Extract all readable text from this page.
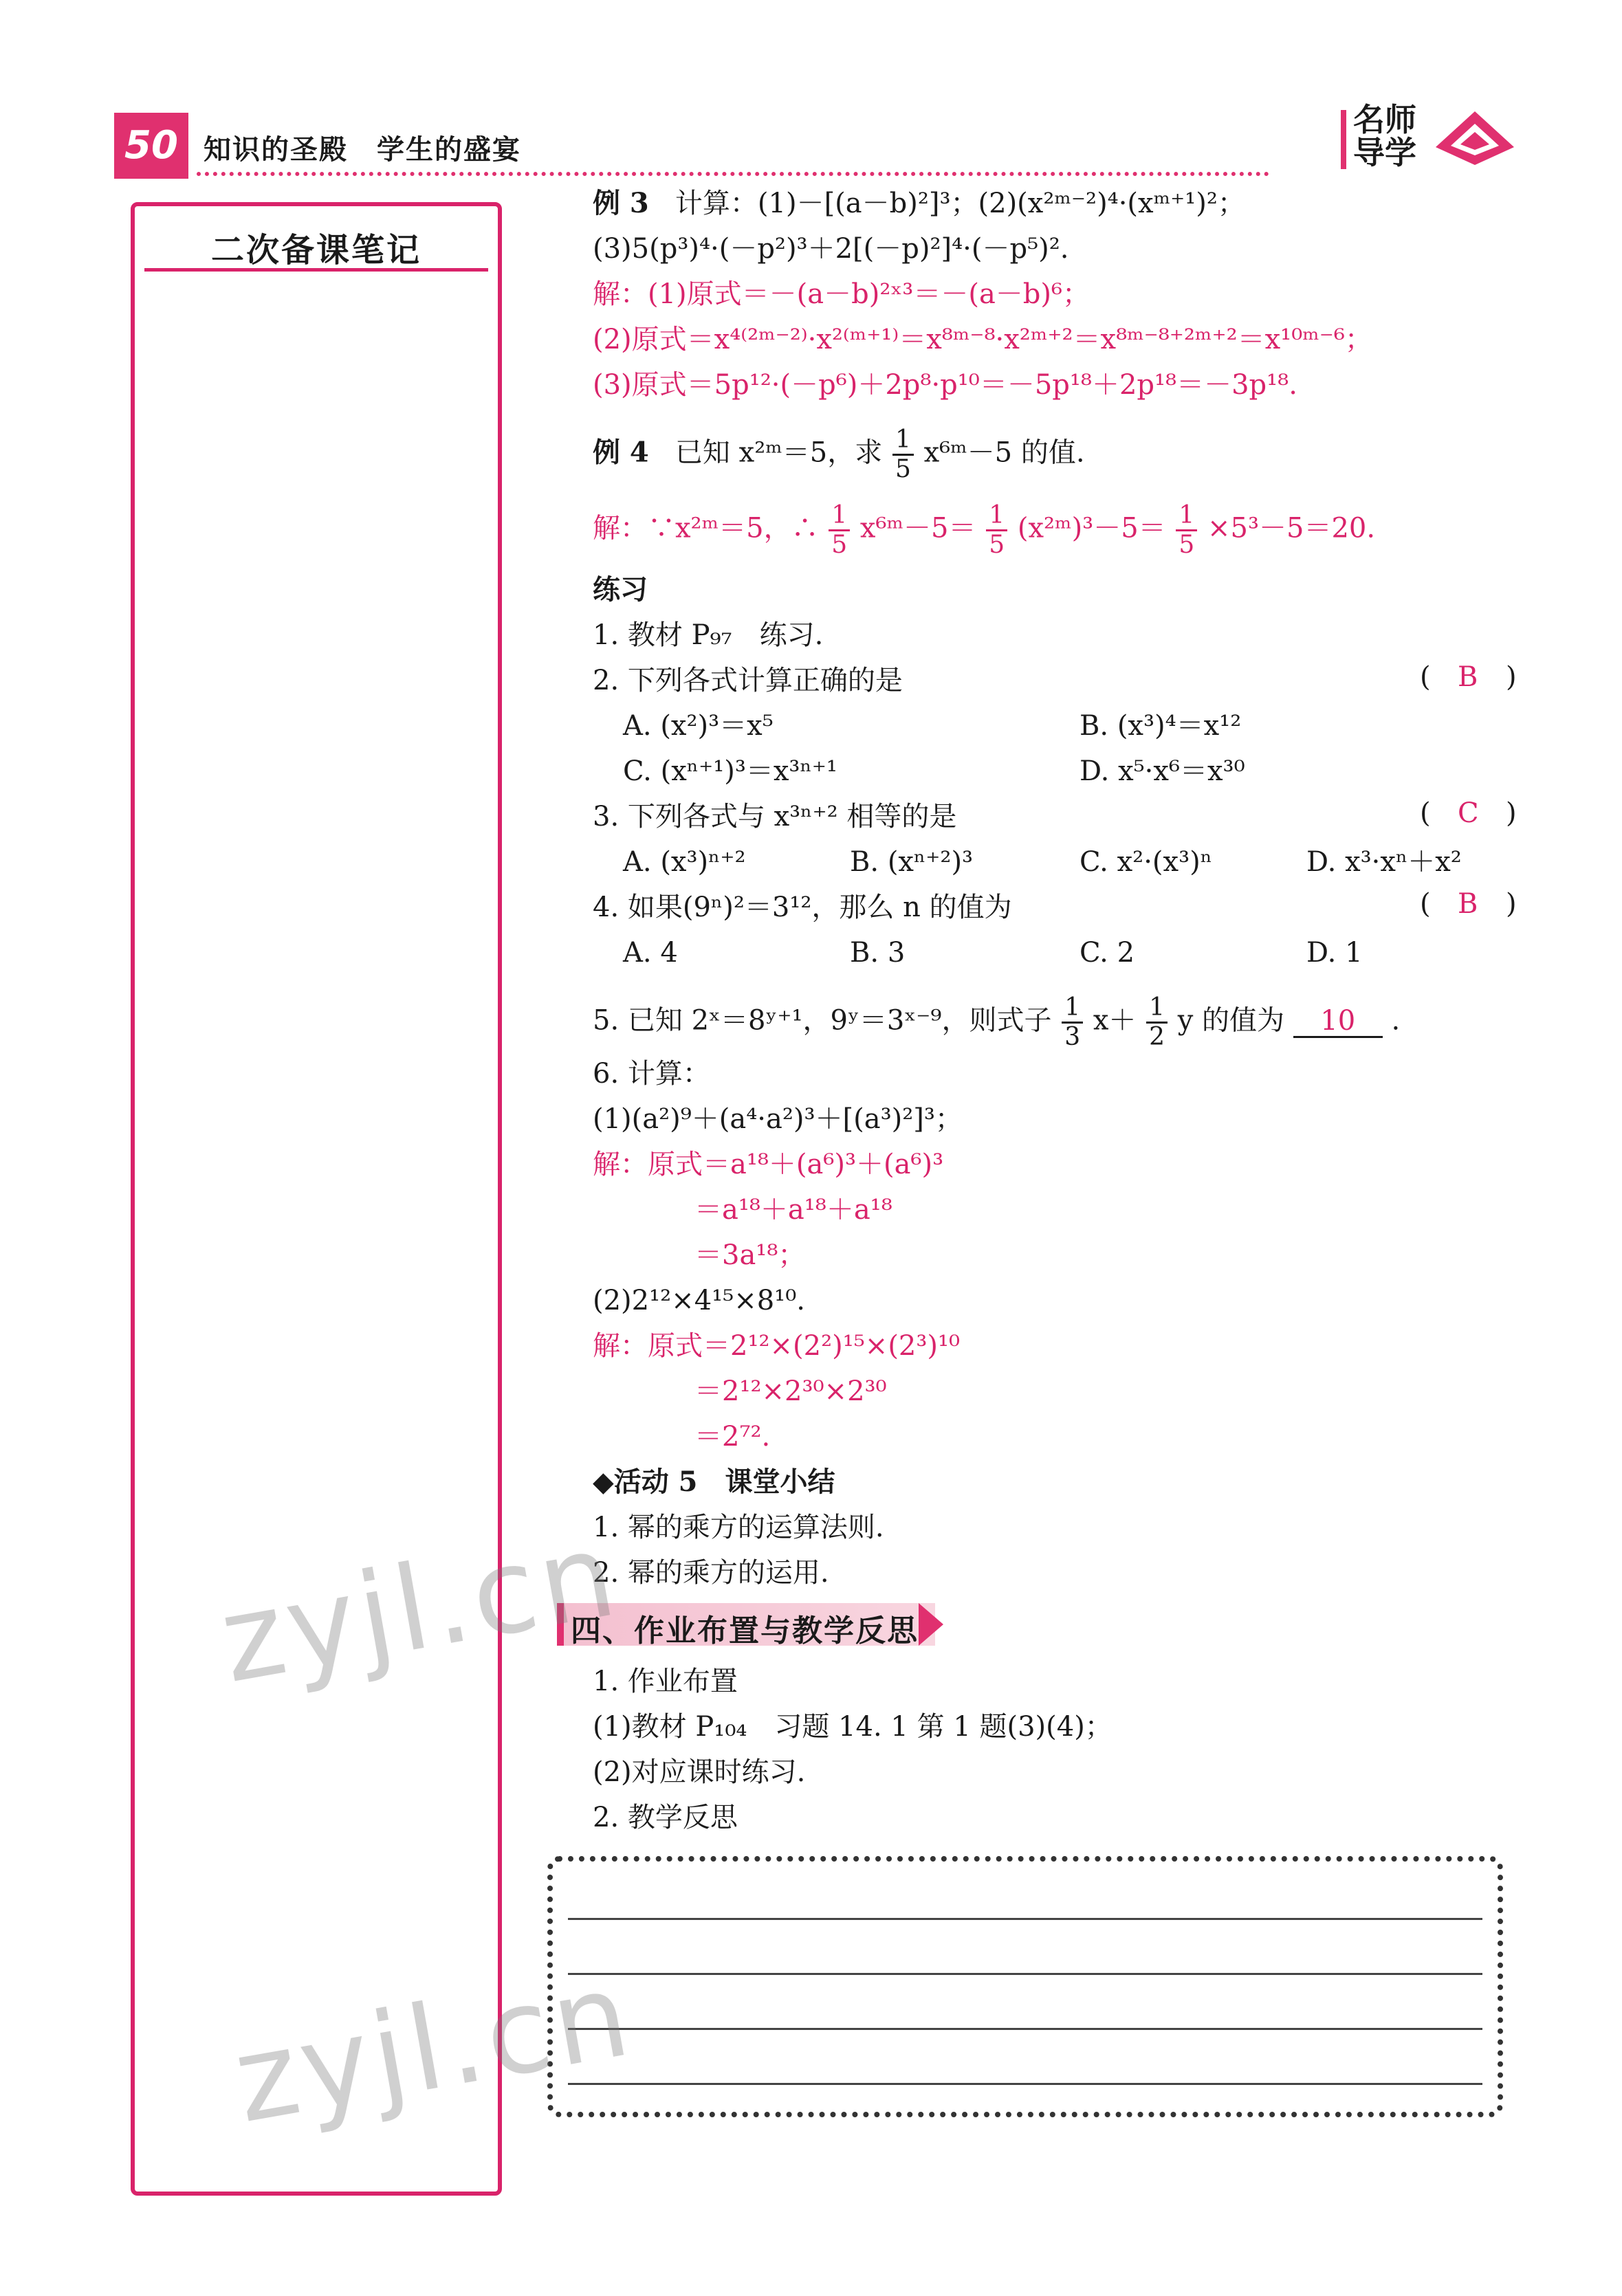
50 知识的圣殿　学生的盛宴
名师
导学
二次备课笔记
例 3 计算：(1)－[(a－b)²]³；(2)(x²ᵐ⁻²)⁴·(xᵐ⁺¹)²；
(3)5(p³)⁴·(－p²)³＋2[(－p)²]⁴·(－p⁵)².
解：(1)原式＝－(a－b)²ˣ³＝－(a－b)⁶；
(2)原式＝x⁴⁽²ᵐ⁻²⁾·x²⁽ᵐ⁺¹⁾＝x⁸ᵐ⁻⁸·x²ᵐ⁺²＝x⁸ᵐ⁻⁸⁺²ᵐ⁺²＝x¹⁰ᵐ⁻⁶；
(3)原式＝5p¹²·(－p⁶)＋2p⁸·p¹⁰＝－5p¹⁸＋2p¹⁸＝－3p¹⁸.
例 4 已知 x²ᵐ＝5，求 $\frac{1}{5}$ x⁶ᵐ－5 的值.
解：∵x²ᵐ＝5，∴ $\frac{1}{5}$ x⁶ᵐ－5＝ $\frac{1}{5}$ (x²ᵐ)³－5＝ $\frac{1}{5} \times 5^3-5=20$.
练习
1. 教材 P₉₇　练习.
2. 下列各式计算正确的是	( B )
A. (x²)³＝x⁵	B. (x³)⁴＝x¹²
C. (xⁿ⁺¹)³＝x³ⁿ⁺¹	D. x⁵·x⁶＝x³⁰
3. 下列各式与 x³ⁿ⁺² 相等的是	( C )
A. (x³)ⁿ⁺²	B. (xⁿ⁺²)³	C. x²·(x³)ⁿ	D. x³·xⁿ＋x²
4. 如果(9ⁿ)²＝3¹²，那么 n 的值为	( B )
A. 4	B. 3	C. 2	D. 1
5. 已知 2ˣ＝8ʸ⁺¹，9ʸ＝3ˣ⁻⁹，则式子 $\frac{1}{3} x+ \frac{1}{2}$ y 的值为 10 .
6. 计算：
(1)(a²)⁹＋(a⁴·a²)³＋[(a³)²]³；
解：原式＝a¹⁸＋(a⁶)³＋(a⁶)³
＝a¹⁸＋a¹⁸＋a¹⁸
＝3a¹⁸；
(2)2¹²×4¹⁵×8¹⁰.
解：原式＝2¹²×(2²)¹⁵×(2³)¹⁰
＝2¹²×2³⁰×2³⁰
＝2⁷².
◆活动 5　课堂小结
1. 幂的乘方的运算法则.
2. 幂的乘方的运用.
四、作业布置与教学反思
1. 作业布置
(1)教材 P₁₀₄　习题 14. 1 第 1 题(3)(4)；
(2)对应课时练习.
2. 教学反思
zyjl.cn
zyjl.cn
